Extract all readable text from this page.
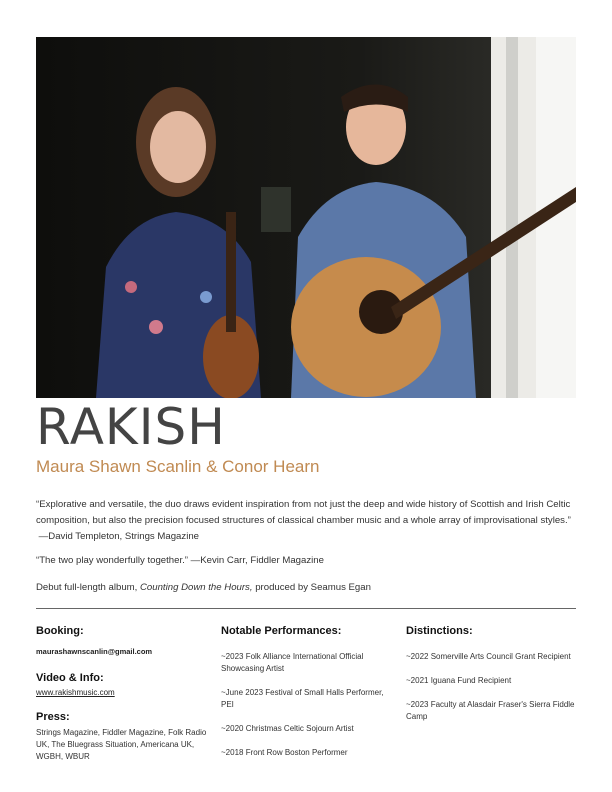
RAKISH
Maura Shawn Scanlin & Conor Hearn
“Explorative and versatile, the duo draws evident inspiration from not just the deep and wide history of Scottish and Irish Celtic composition, but also the precision focused structures of classical chamber music and a whole array of improvisational styles.”  —David Templeton, Strings Magazine
“The two play wonderfully together.” —Kevin Carr, Fiddler Magazine
Debut full-length album, Counting Down the Hours, produced by Seamus Egan
Booking:
maurashawnscanlin@gmail.com
Video & Info:
www.rakishmusic.com
Press:
Strings Magazine, Fiddler Magazine, Folk Radio UK, The Bluegrass Situation, Americana UK, WGBH, WBUR
Notable Performances:
~2023 Folk Alliance International Official Showcasing Artist
~June 2023 Festival of Small Halls Performer, PEI
~2020 Christmas Celtic Sojourn Artist
~2018 Front Row Boston Performer
Distinctions:
~2022 Somerville Arts Council Grant Recipient
~2021 Iguana Fund Recipient
~2023 Faculty at Alasdair Fraser's Sierra Fiddle Camp
